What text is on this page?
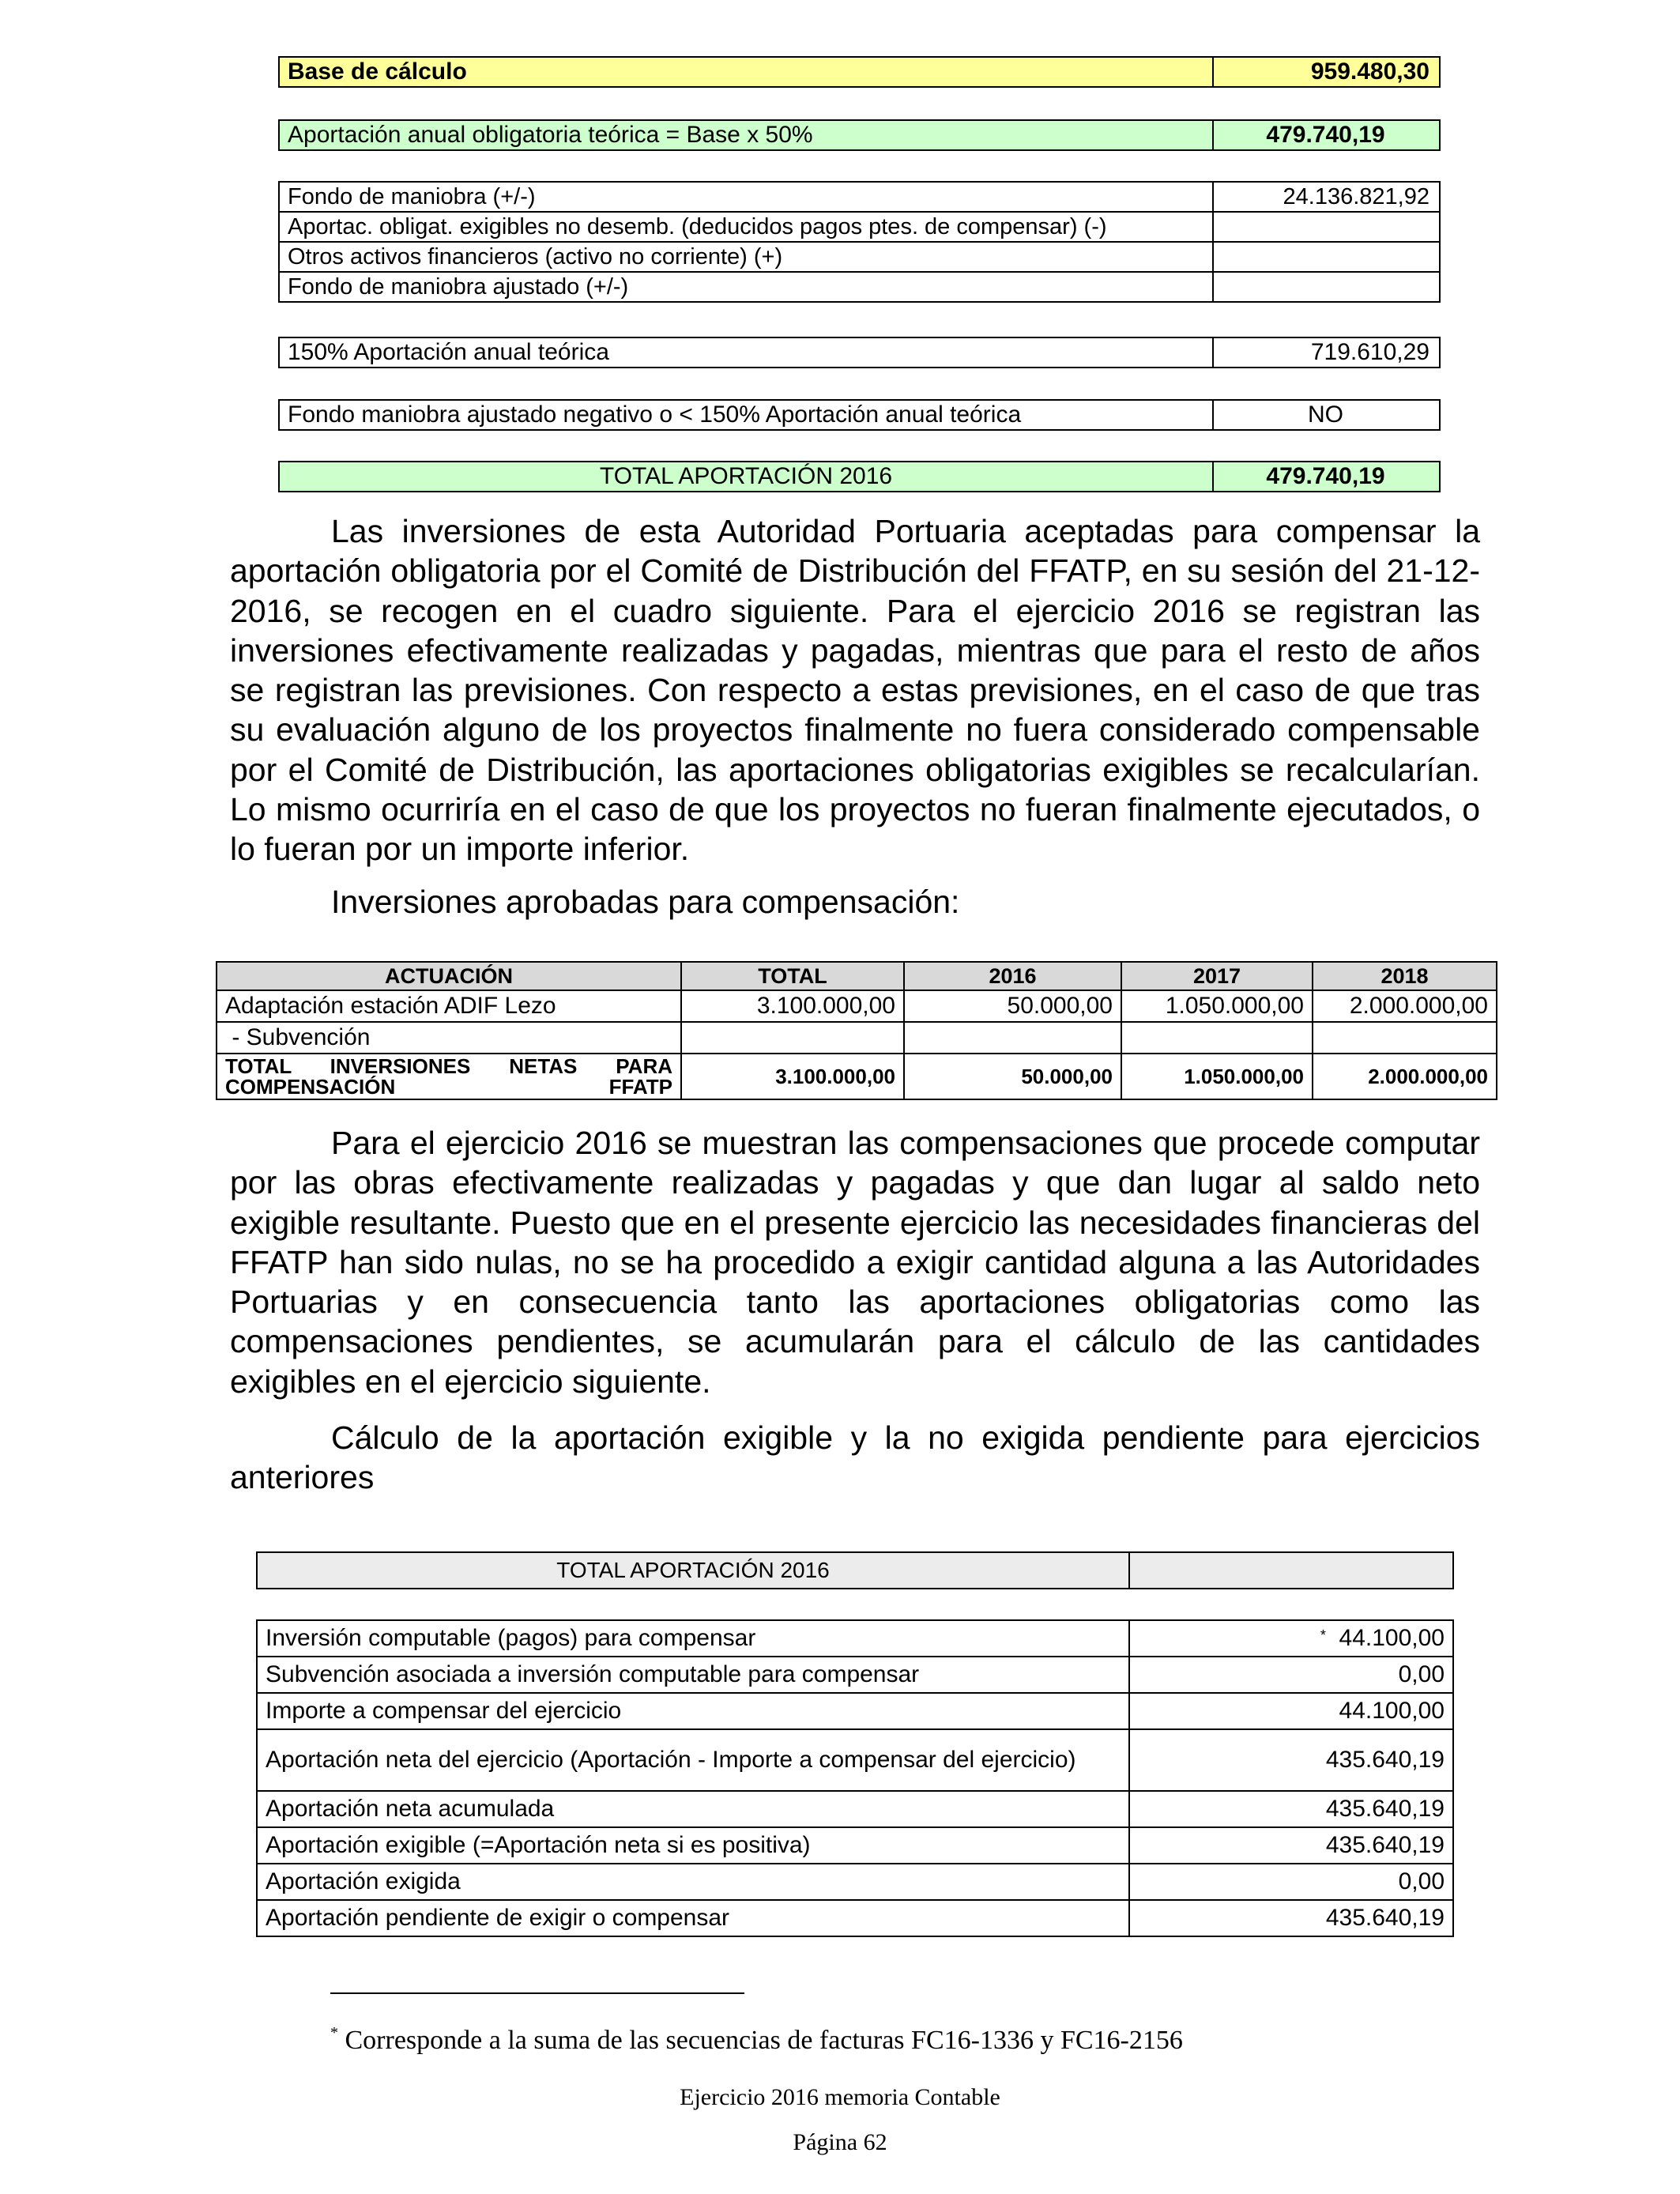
Base de cálculo	959.480,30
Aportación anual obligatoria teórica = Base x 50%	479.740,19
Fondo de maniobra (+/-)	24.136.821,92
Aportac. obligat. exigibles no desemb. (deducidos pagos ptes. de compensar) (-)	
Otros activos financieros (activo no corriente) (+)	
Fondo de maniobra ajustado (+/-)	
150% Aportación anual teórica	719.610,29
Fondo maniobra ajustado negativo o < 150% Aportación anual teórica	NO
TOTAL APORTACIÓN 2016	479.740,19

Las inversiones de esta Autoridad Portuaria aceptadas para compensar la aportación obligatoria por el Comité de Distribución del FFATP, en su sesión del 21-12-2016, se recogen en el cuadro siguiente. Para el ejercicio 2016 se registran las inversiones efectivamente realizadas y pagadas, mientras que para el resto de años se registran las previsiones. Con respecto a estas previsiones, en el caso de que tras su evaluación alguno de los proyectos finalmente no fuera considerado compensable por el Comité de Distribución, las aportaciones obligatorias exigibles se recalcularían. Lo mismo ocurriría en el caso de que los proyectos no fueran finalmente ejecutados, o lo fueran por un importe inferior.

Inversiones aprobadas para compensación:

ACTUACIÓN	TOTAL	2016	2017	2018
Adaptación estación ADIF Lezo	3.100.000,00	50.000,00	1.050.000,00	2.000.000,00
- Subvención				
TOTAL INVERSIONES NETAS PARA COMPENSACIÓN FFATP	3.100.000,00	50.000,00	1.050.000,00	2.000.000,00

Para el ejercicio 2016 se muestran las compensaciones que procede computar por las obras efectivamente realizadas y pagadas y que dan lugar al saldo neto exigible resultante. Puesto que en el presente ejercicio las necesidades financieras del FFATP han sido nulas, no se ha procedido a exigir cantidad alguna a las Autoridades Portuarias y en consecuencia tanto las aportaciones obligatorias como las compensaciones pendientes, se acumularán para el cálculo de las cantidades exigibles en el ejercicio siguiente.

Cálculo de la aportación exigible y la no exigida pendiente para ejercicios anteriores

TOTAL APORTACIÓN 2016	
Inversión computable (pagos) para compensar	* 44.100,00
Subvención asociada a inversión computable para compensar	0,00
Importe a compensar del ejercicio	44.100,00
Aportación neta del ejercicio (Aportación - Importe a compensar del ejercicio)	435.640,19
Aportación neta acumulada	435.640,19
Aportación exigible (=Aportación neta si es positiva)	435.640,19
Aportación exigida	0,00
Aportación pendiente de exigir o compensar	435.640,19
* Corresponde a la suma de las secuencias de facturas FC16-1336 y FC16-2156
Ejercicio 2016 memoria Contable
Página 62
